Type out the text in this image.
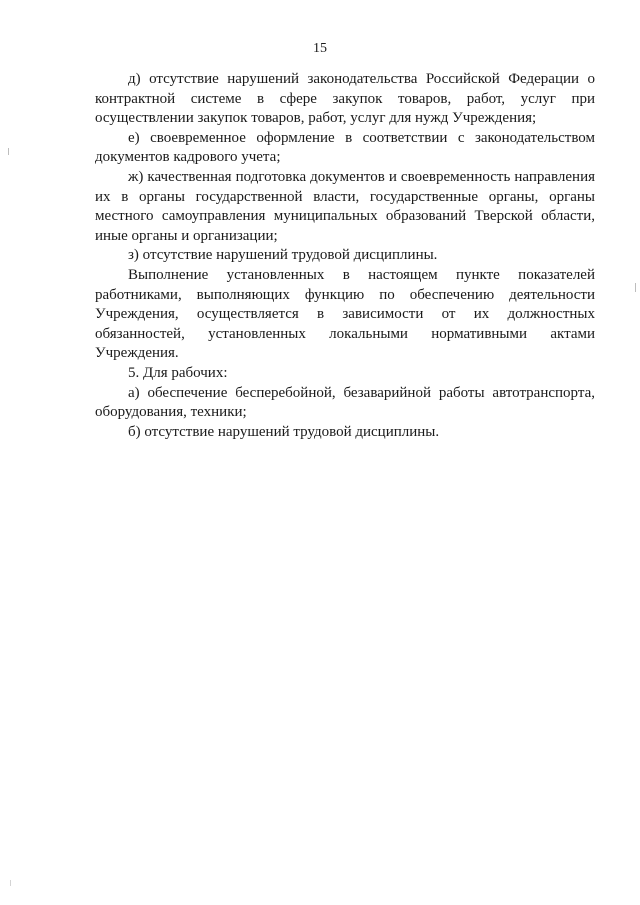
15

д) отсутствие нарушений законодательства Российской Федерации о контрактной системе в сфере закупок товаров, работ, услуг при осуществлении закупок товаров, работ, услуг для нужд Учреждения;

е) своевременное оформление в соответствии с законодательством документов кадрового учета;

ж) качественная подготовка документов и своевременность направления их в органы государственной власти, государственные органы, органы местного самоуправления муниципальных образований Тверской области, иные органы и организации;

з) отсутствие нарушений трудовой дисциплины.

Выполнение установленных в настоящем пункте показателей работниками, выполняющих функцию по обеспечению деятельности Учреждения, осуществляется в зависимости от их должностных обязанностей, установленных локальными нормативными актами Учреждения.

5. Для рабочих:

а) обеспечение бесперебойной, безаварийной работы автотранспорта, оборудования, техники;

б) отсутствие нарушений трудовой дисциплины.
